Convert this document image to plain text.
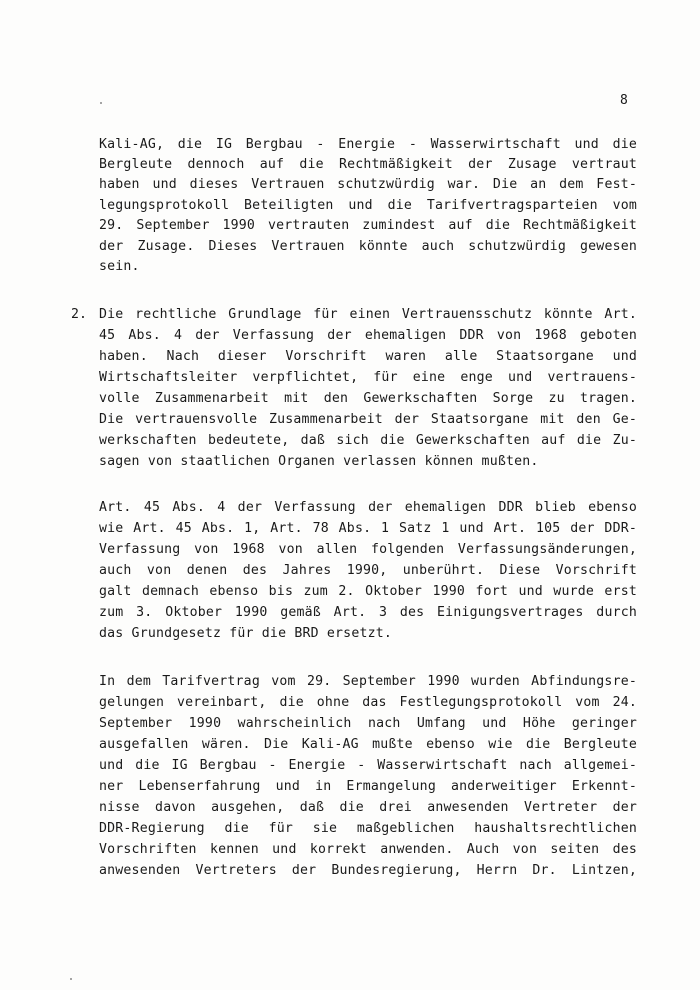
8
Kali-AG, die IG Bergbau - Energie - Wasserwirtschaft und die
Bergleute dennoch auf die Rechtmäßigkeit der Zusage vertraut
haben und dieses Vertrauen schutzwürdig war. Die an dem Fest-
legungsprotokoll Beteiligten und die Tarifvertragsparteien vom
29. September 1990 vertrauten zumindest auf die Rechtmäßigkeit
der Zusage. Dieses Vertrauen könnte auch schutzwürdig gewesen
sein.
2. Die rechtliche Grundlage für einen Vertrauensschutz könnte Art.
45 Abs. 4 der Verfassung der ehemaligen DDR von 1968 geboten
haben. Nach dieser Vorschrift waren alle Staatsorgane und
Wirtschaftsleiter verpflichtet, für eine enge und vertrauens-
volle Zusammenarbeit mit den Gewerkschaften Sorge zu tragen.
Die vertrauensvolle Zusammenarbeit der Staatsorgane mit den Ge-
werkschaften bedeutete, daß sich die Gewerkschaften auf die Zu-
sagen von staatlichen Organen verlassen können mußten.
Art. 45 Abs. 4 der Verfassung der ehemaligen DDR blieb ebenso
wie Art. 45 Abs. 1, Art. 78 Abs. 1 Satz 1 und Art. 105 der DDR-
Verfassung von 1968 von allen folgenden Verfassungsänderungen,
auch von denen des Jahres 1990, unberührt. Diese Vorschrift
galt demnach ebenso bis zum 2. Oktober 1990 fort und wurde erst
zum 3. Oktober 1990 gemäß Art. 3 des Einigungsvertrages durch
das Grundgesetz für die BRD ersetzt.
In dem Tarifvertrag vom 29. September 1990 wurden Abfindungsre-
gelungen vereinbart, die ohne das Festlegungsprotokoll vom 24.
September 1990 wahrscheinlich nach Umfang und Höhe geringer
ausgefallen wären. Die Kali-AG mußte ebenso wie die Bergleute
und die IG Bergbau - Energie - Wasserwirtschaft nach allgemei-
ner Lebenserfahrung und in Ermangelung anderweitiger Erkennt-
nisse davon ausgehen, daß die drei anwesenden Vertreter der
DDR-Regierung die für sie maßgeblichen haushaltsrechtlichen
Vorschriften kennen und korrekt anwenden. Auch von seiten des
anwesenden Vertreters der Bundesregierung, Herrn Dr. Lintzen,
